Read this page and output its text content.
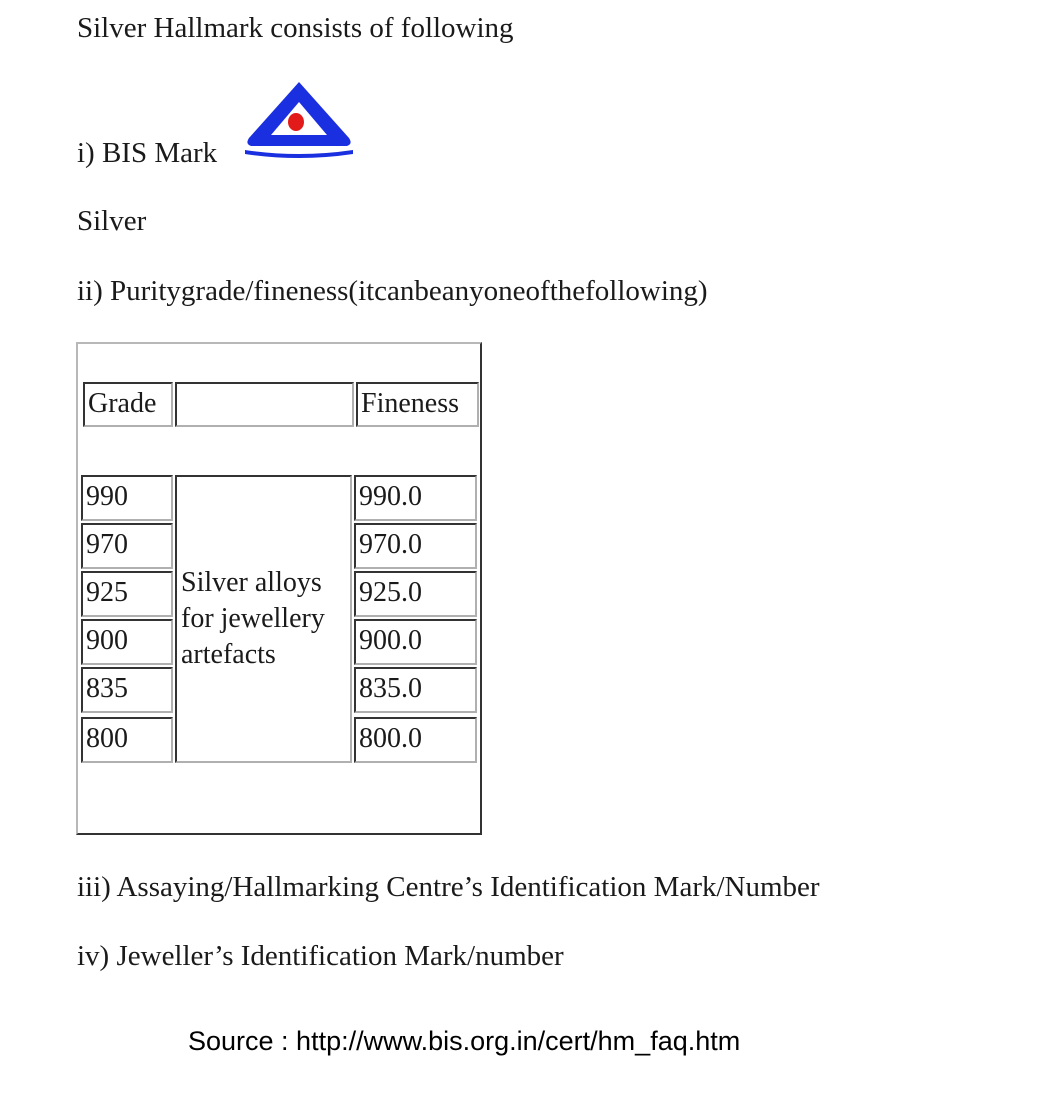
Silver Hallmark consists of following
i) BIS Mark
Silver
ii) Puritygrade/fineness(itcanbeanyoneofthefollowing)
Grade	Fineness
990
970
925
900
835
800
Silver alloys for jewellery artefacts
990.0
970.0
925.0
900.0
835.0
800.0
iii) Assaying/Hallmarking Centre’s Identification Mark/Number
iv) Jeweller’s Identification Mark/number
Source : http://www.bis.org.in/cert/hm_faq.htm
